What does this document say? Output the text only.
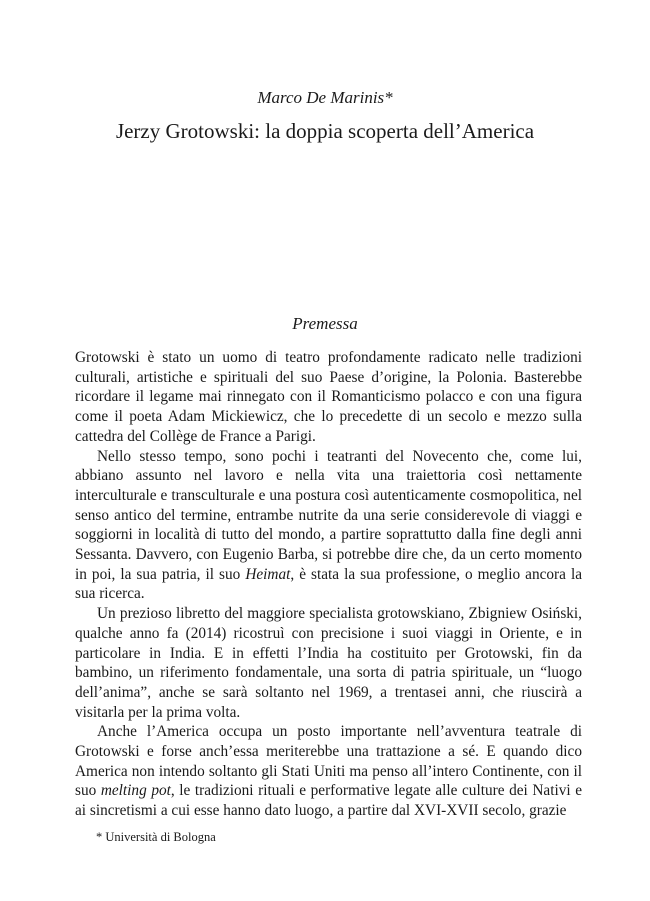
Marco De Marinis*
Jerzy Grotowski: la doppia scoperta dell’America
Premessa

Grotowski è stato un uomo di teatro profondamente radicato nelle tradizioni culturali, artistiche e spirituali del suo Paese d’origine, la Polonia. Basterebbe ricordare il legame mai rinnegato con il Romanticismo polacco e con una figura come il poeta Adam Mickiewicz, che lo precedette di un secolo e mezzo sulla cattedra del Collège de France a Parigi.

Nello stesso tempo, sono pochi i teatranti del Novecento che, come lui, abbiano assunto nel lavoro e nella vita una traiettoria così nettamente interculturale e transculturale e una postura così autenticamente cosmopolitica, nel senso antico del termine, entrambe nutrite da una serie considerevole di viaggi e soggiorni in località di tutto del mondo, a partire soprattutto dalla fine degli anni Sessanta. Davvero, con Eugenio Barba, si potrebbe dire che, da un certo momento in poi, la sua patria, il suo Heimat, è stata la sua professione, o meglio ancora la sua ricerca.

Un prezioso libretto del maggiore specialista grotowskiano, Zbigniew Osiński, qualche anno fa (2014) ricostruì con precisione i suoi viaggi in Oriente, e in particolare in India. E in effetti l’India ha costituito per Grotowski, fin da bambino, un riferimento fondamentale, una sorta di patria spirituale, un “luogo dell’anima”, anche se sarà soltanto nel 1969, a trentasei anni, che riuscirà a visitarla per la prima volta.

Anche l’America occupa un posto importante nell’avventura teatrale di Grotowski e forse anch’essa meriterebbe una trattazione a sé. E quando dico America non intendo soltanto gli Stati Uniti ma penso all’intero Continente, con il suo melting pot, le tradizioni rituali e performative legate alle culture dei Nativi e ai sincretismi a cui esse hanno dato luogo, a partire dal XVI-XVII secolo, grazie

* Università di Bologna
